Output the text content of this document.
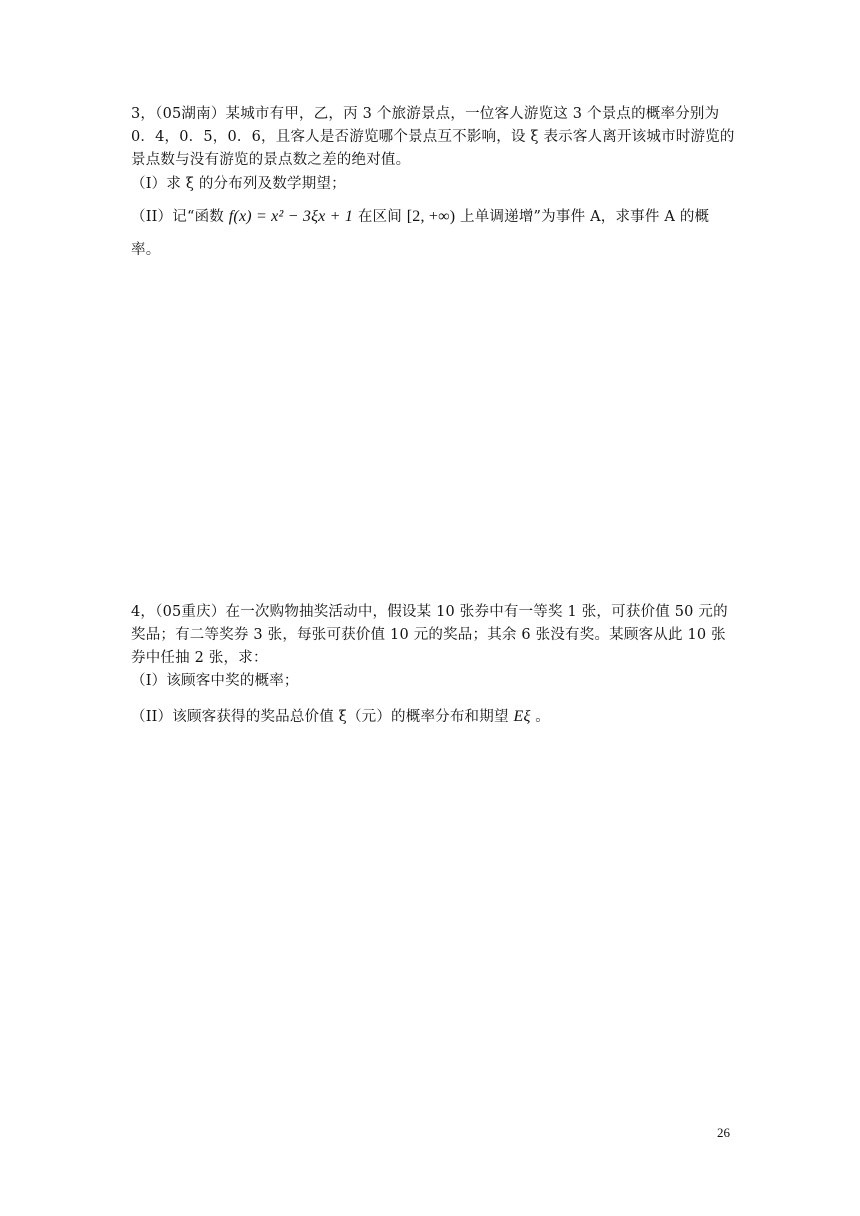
3，（05湖南）某城市有甲，乙，丙 3 个旅游景点，一位客人游览这 3 个景点的概率分别为
0．4，0．5，0．6，且客人是否游览哪个景点互不影响，设 ξ 表示客人离开该城市时游览的
景点数与没有游览的景点数之差的绝对值。
（I）求 ξ 的分布列及数学期望；
（II）记“函数 f(x) = x² − 3ξx + 1 在区间 [2, +∞) 上单调递增”为事件 A，求事件 A 的概
率。
4，（05重庆）在一次购物抽奖活动中，假设某 10 张券中有一等奖 1 张，可获价值 50 元的
奖品；有二等奖券 3 张，每张可获价值 10 元的奖品；其余 6 张没有奖。某顾客从此 10 张
券中任抽 2 张，求：
（I）该顾客中奖的概率；
（II）该顾客获得的奖品总价值 ξ（元）的概率分布和期望 Eξ 。
26
